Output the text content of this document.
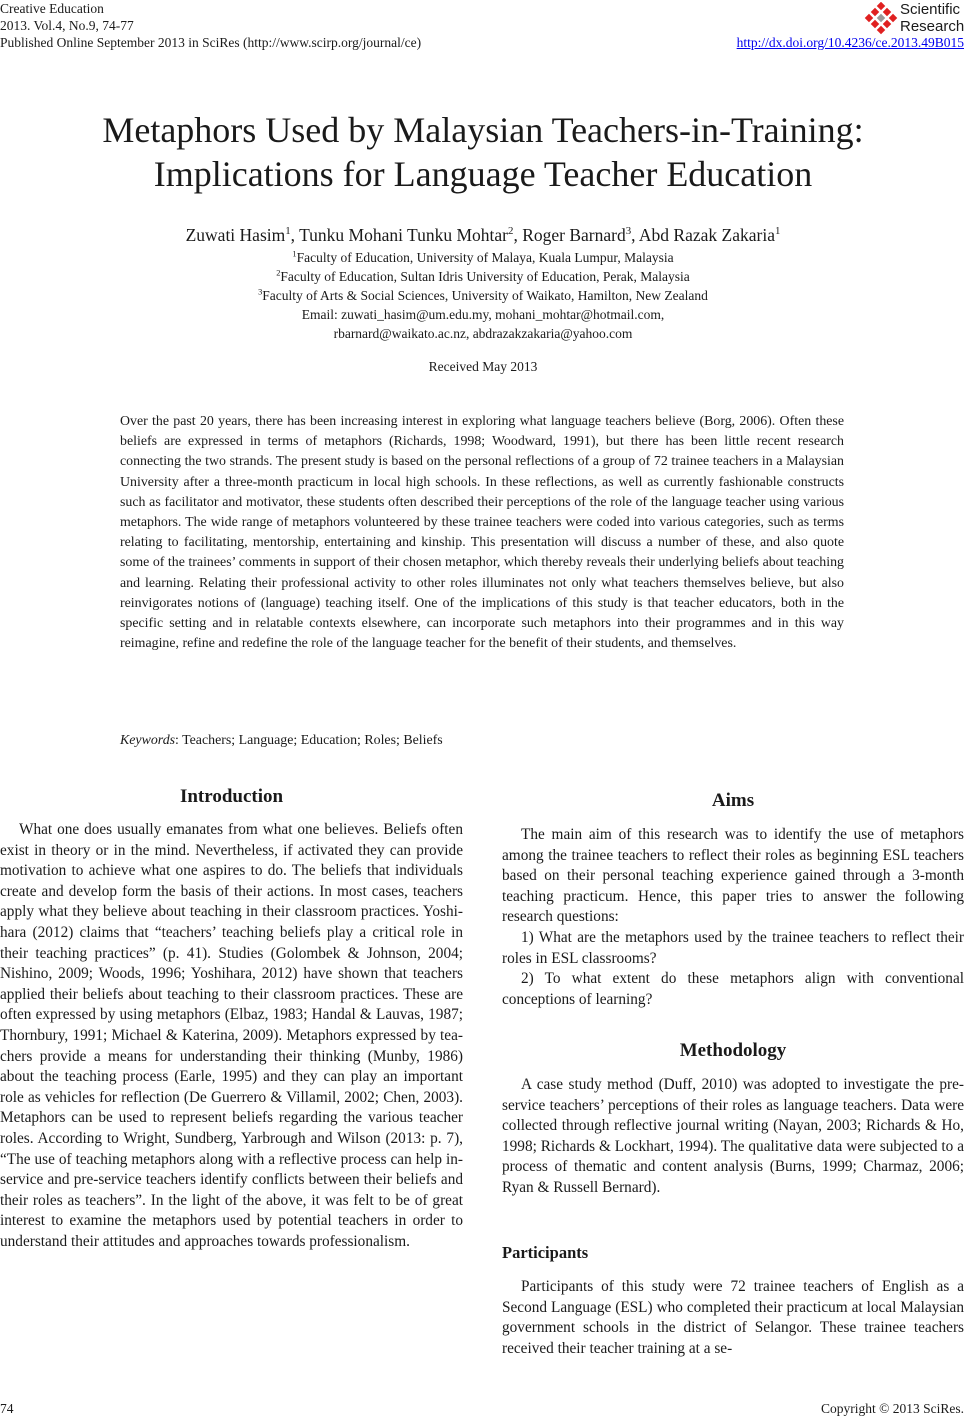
Creative Education
2013. Vol.4, No.9, 74-77
Published Online September 2013 in SciRes (http://www.scirp.org/journal/ce)	http://dx.doi.org/10.4236/ce.2013.49B015
Scientific
Research
Metaphors Used by Malaysian Teachers-in-Training:
Implications for Language Teacher Education
Zuwati Hasim$^1$, Tunku Mohani Tunku Mohtar$^2$, Roger Barnard$^3$, Abd Razak Zakaria$^1$
$^1$Faculty of Education, University of Malaya, Kuala Lumpur, Malaysia
$^2$Faculty of Education, Sultan Idris University of Education, Perak, Malaysia
$^3$Faculty of Arts & Social Sciences, University of Waikato, Hamilton, New Zealand
Email: zuwati_hasim@um.edu.my, mohani_mohtar@hotmail.com,
rbarnard@waikato.ac.nz, abdrazakzakaria@yahoo.com
Received May 2013
Over the past 20 years, there has been increasing interest in exploring what language teachers believe (Borg, 2006). Often these beliefs are expressed in terms of metaphors (Richards, 1998; Woodward, 1991), but there has been little recent research connecting the two strands. The present study is based on the personal reflections of a group of 72 trainee teachers in a Malaysian University after a three-month practicum in local high schools. In these reflections, as well as currently fashionable constructs such as facilitator and motivator, these students often described their perceptions of the role of the language teacher using various metaphors. The wide range of metaphors volunteered by these trainee teachers were coded into various categories, such as terms relating to facilitating, mentorship, entertaining and kinship. This presentation will discuss a number of these, and also quote some of the trainees’ comments in support of their chosen metaphor, which thereby reveals their underlying beliefs about teaching and learning. Relating their professional activity to other roles illuminates not only what teachers themselves believe, but also reinvigorates notions of (language) teaching itself. One of the implications of this study is that teacher educators, both in the specific setting and in relatable contexts elsewhere, can incorporate such metaphors into their programmes and in this way reimagine, refine and redefine the role of the language teacher for the benefit of their students, and themselves.
Keywords: Teachers; Language; Education; Roles; Beliefs
Introduction

What one does usually emanates from what one believes. Beliefs often exist in theory or in the mind. Nevertheless, if activated they can provide motivation to achieve what one aspires to do. The beliefs that individuals create and develop form the basis of their actions. In most cases, teachers apply what they believe about teaching in their classroom practices. Yoshihara (2012) claims that “teachers’ teaching beliefs play a critical role in their teaching practices” (p. 41). Studies (Golombek & Johnson, 2004; Nishino, 2009; Woods, 1996; Yoshihara, 2012) have shown that teachers applied their beliefs about teaching to their classroom practices. These are often expressed by using metaphors (Elbaz, 1983; Handal & Lauvas, 1987; Thornbury, 1991; Michael & Katerina, 2009). Metaphors expressed by teachers provide a means for understanding their thinking (Munby, 1986) about the teaching process (Earle, 1995) and they can play an important role as vehicles for reflection (De Guerrero & Villamil, 2002; Chen, 2003). Metaphors can be used to represent beliefs regarding the various teacher roles. According to Wright, Sundberg, Yarbrough and Wilson (2013: p. 7), “The use of teaching metaphors along with a reflective process can help in-service and pre-service teachers identify conflicts between their beliefs and their roles as teachers”. In the light of the above, it was felt to be of great interest to examine the metaphors used by potential teachers in order to understand their attitudes and approaches towards professionalism.

Aims

The main aim of this research was to identify the use of metaphors among the trainee teachers to reflect their roles as beginning ESL teachers based on their personal teaching experience gained through a 3-month teaching practicum. Hence, this paper tries to answer the following research questions:

1) What are the metaphors used by the trainee teachers to reflect their roles in ESL classrooms?

2) To what extent do these metaphors align with conventional conceptions of learning?

Methodology

A case study method (Duff, 2010) was adopted to investigate the pre-service teachers’ perceptions of their roles as language teachers. Data were collected through reflective journal writing (Nayan, 2003; Richards & Ho, 1998; Richards & Lockhart, 1994). The qualitative data were subjected to a process of thematic and content analysis (Burns, 1999; Charmaz, 2006; Ryan & Russell Bernard).

Participants

Participants of this study were 72 trainee teachers of English as a Second Language (ESL) who completed their practicum at local Malaysian government schools in the district of Selangor. These trainee teachers received their teacher training at a se-

74	Copyright © 2013 SciRes.
